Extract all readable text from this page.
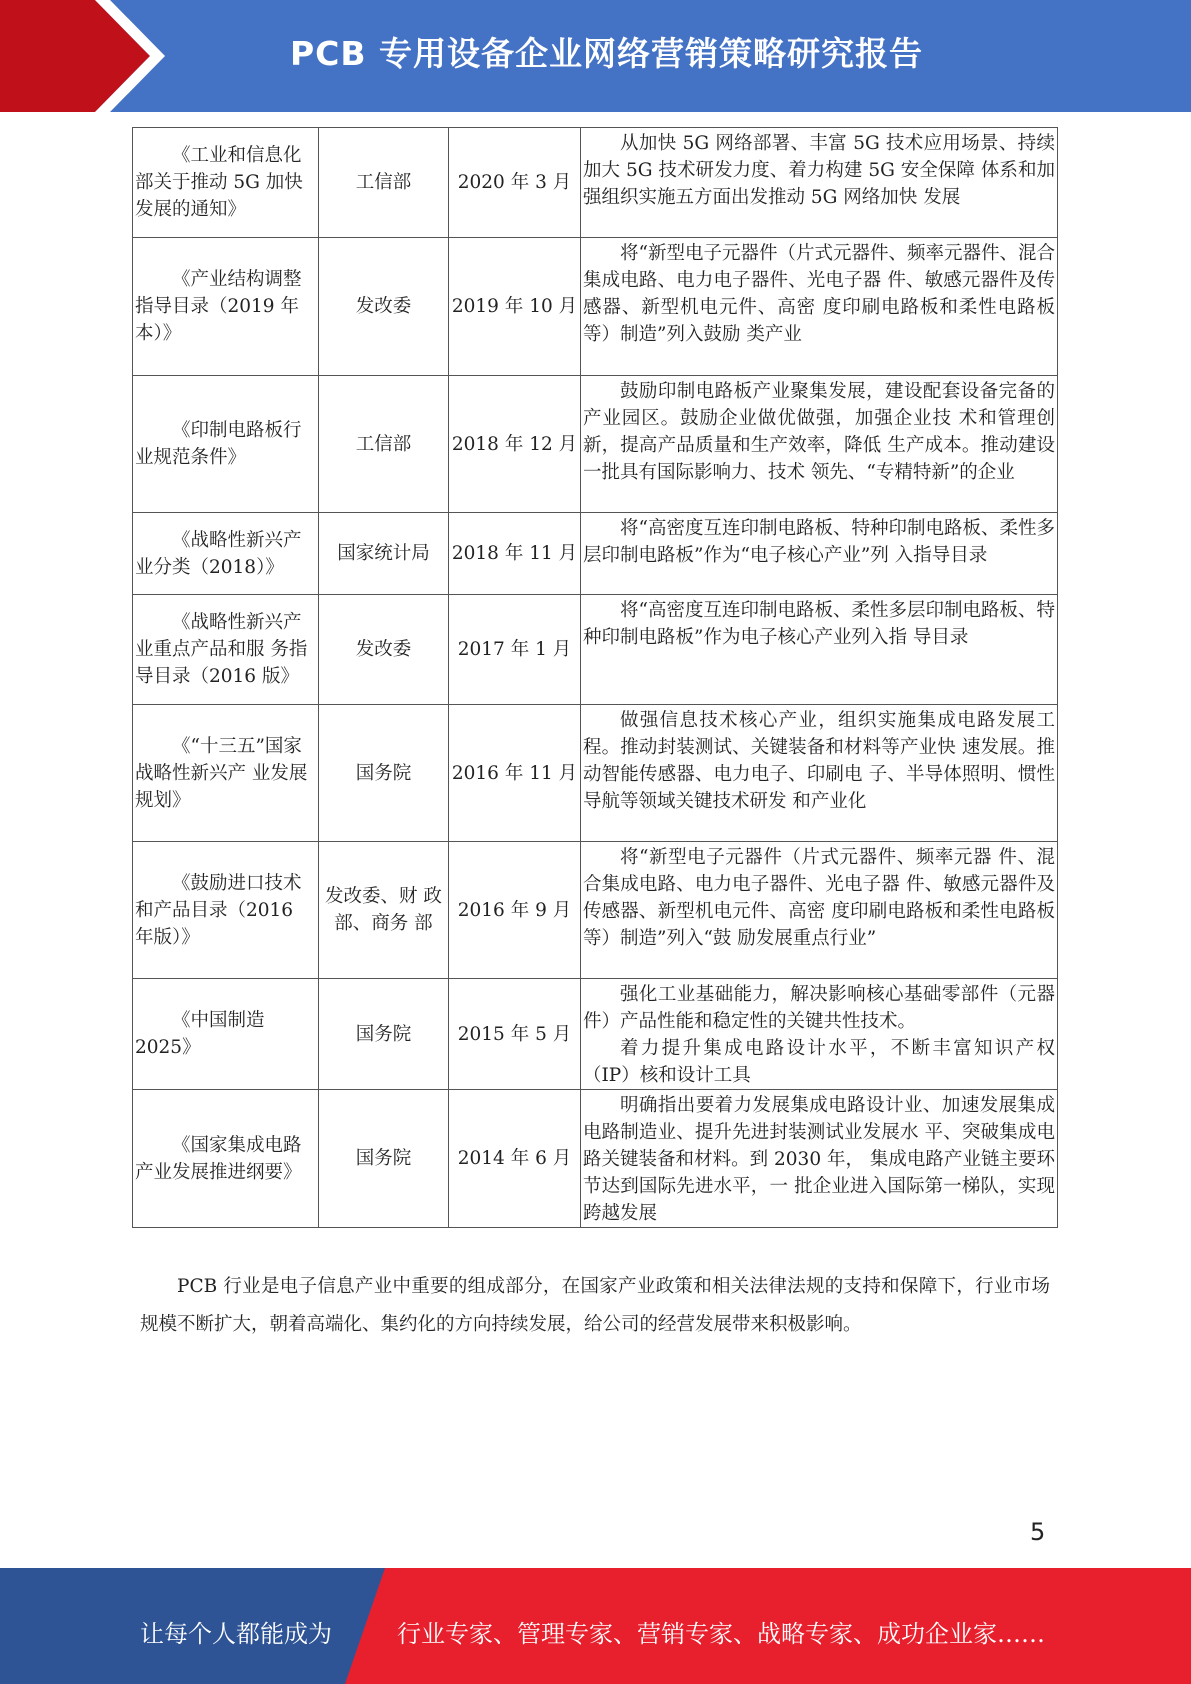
PCB 专用设备企业网络营销策略研究报告
《工业和信息化部关于推动 5G 加快发展的通知》	工信部	2020 年 3 月	从加快 5G 网络部署、丰富 5G 技术应用场景、持续加大 5G 技术研发力度、着力构建 5G 安全保障 体系和加强组织实施五方面出发推动 5G 网络加快 发展
《产业结构调整指导目录（2019 年本）》	发改委	2019 年 10 月	将“新型电子元器件（片式元器件、频率元器件、混合集成电路、电力电子器件、光电子器 件、敏感元器件及传感器、新型机电元件、高密 度印刷电路板和柔性电路板等）制造”列入鼓励 类产业
《印制电路板行业规范条件》	工信部	2018 年 12 月	鼓励印制电路板产业聚集发展，建设配套设备完备的产业园区。鼓励企业做优做强，加强企业技 术和管理创新，提高产品质量和生产效率，降低 生产成本。推动建设一批具有国际影响力、技术 领先、“专精特新”的企业
《战略性新兴产业分类（2018）》	国家统计局	2018 年 11 月	将“高密度互连印制电路板、特种印制电路板、柔性多层印制电路板”作为“电子核心产业”列 入指导目录
《战略性新兴产业重点产品和服 务指导目录（2016 版》	发改委	2017 年 1 月	将“高密度互连印制电路板、柔性多层印制电路板、特种印制电路板”作为电子核心产业列入指 导目录
《“十三五”国家战略性新兴产 业发展规划》	国务院	2016 年 11 月	做强信息技术核心产业，组织实施集成电路发展工程。推动封装测试、关键装备和材料等产业快 速发展。推动智能传感器、电力电子、印刷电 子、半导体照明、惯性导航等领域关键技术研发 和产业化
《鼓励进口技术和产品目录（2016 年版）》	发改委、财 政部、商务 部	2016 年 9 月	将“新型电子元器件（片式元器件、频率元器 件、混合集成电路、电力电子器件、光电子器 件、敏感元器件及传感器、新型机电元件、高密 度印刷电路板和柔性电路板等）制造”列入“鼓 励发展重点行业”
《中国制造 2025》	国务院	2015 年 5 月	强化工业基础能力，解决影响核心基础零部件（元器件）产品性能和稳定性的关键共性技术。
着力提升集成电路设计水平，不断丰富知识产权（IP）核和设计工具

《国家集成电路产业发展推进纲要》	国务院	2014 年 6 月	明确指出要着力发展集成电路设计业、加速发展集成电路制造业、提升先进封装测试业发展水 平、突破集成电路关键装备和材料。到 2030 年， 集成电路产业链主要环节达到国际先进水平，一 批企业进入国际第一梯队，实现跨越发展
PCB 行业是电子信息产业中重要的组成部分，在国家产业政策和相关法律法规的支持和保障下，行业市场规模不断扩大，朝着高端化、集约化的方向持续发展，给公司的经营发展带来积极影响。
5
让每个人都能成为	行业专家、管理专家、营销专家、战略专家、成功企业家……
